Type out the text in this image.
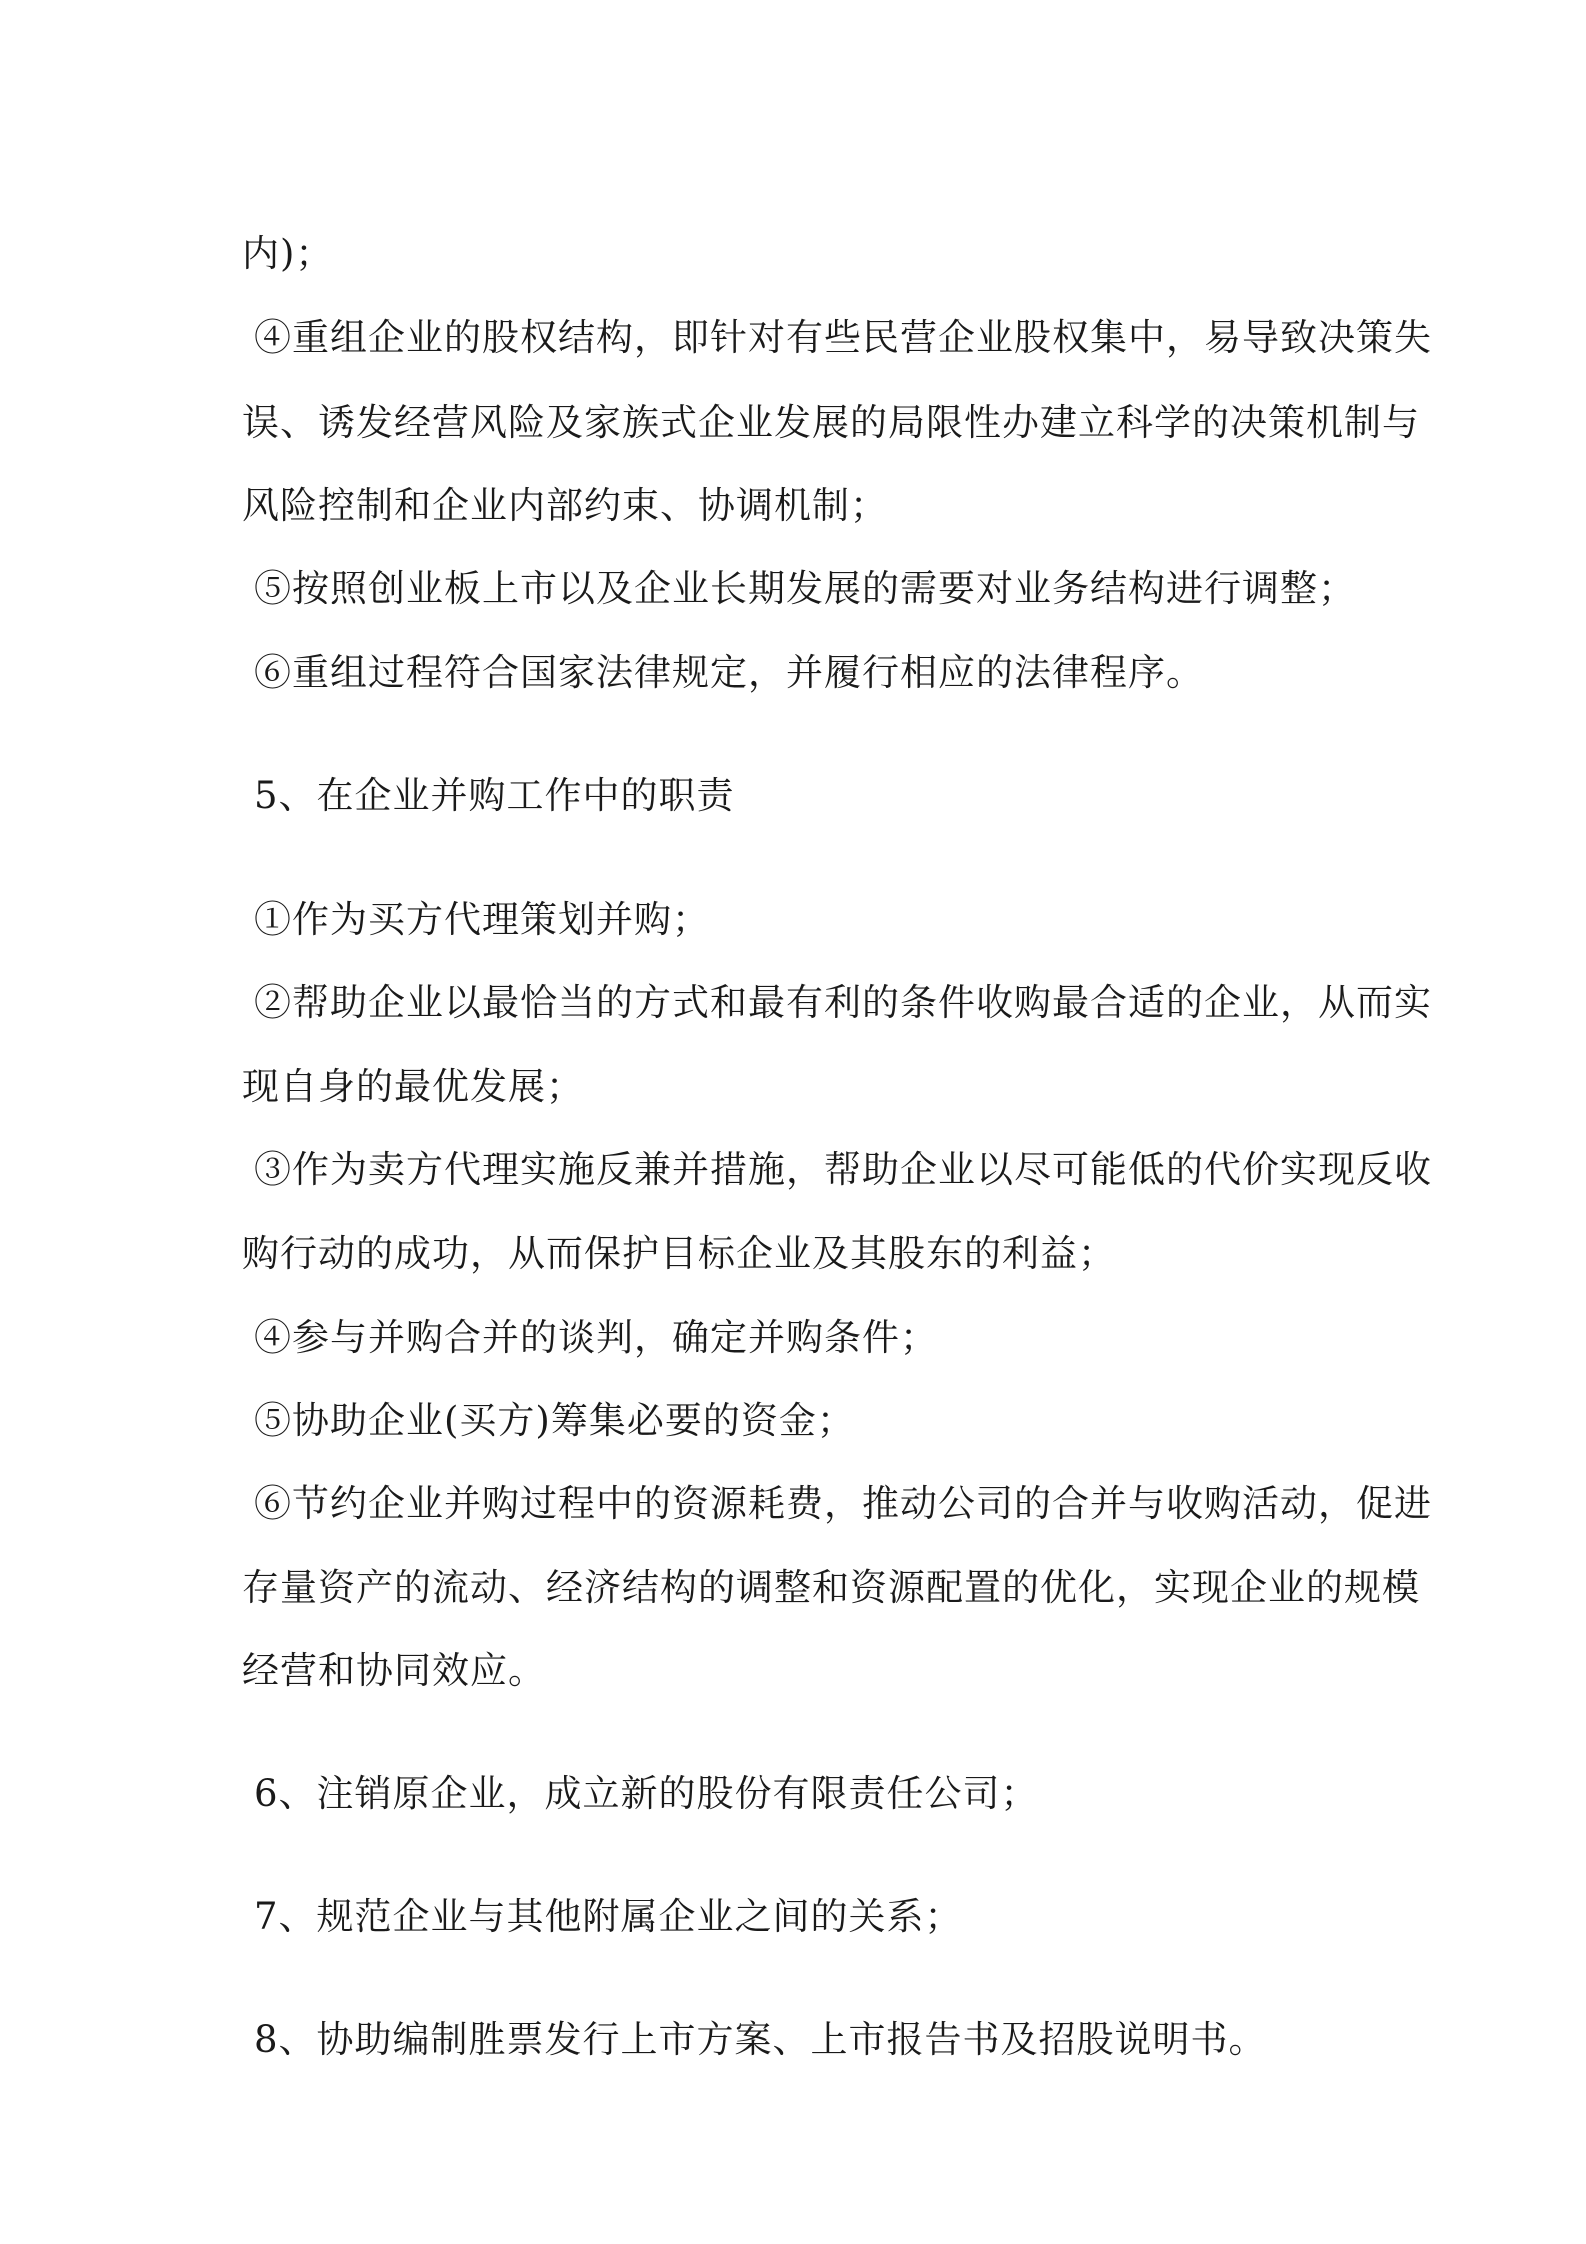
内)；
④重组企业的股权结构，即针对有些民营企业股权集中，易导致决策失
误、诱发经营风险及家族式企业发展的局限性办建立科学的决策机制与
风险控制和企业内部约束、协调机制；
⑤按照创业板上市以及企业长期发展的需要对业务结构进行调整；
⑥重组过程符合国家法律规定，并履行相应的法律程序。
5、在企业并购工作中的职责
①作为买方代理策划并购；
②帮助企业以最恰当的方式和最有利的条件收购最合适的企业，从而实
现自身的最优发展；
③作为卖方代理实施反兼并措施，帮助企业以尽可能低的代价实现反收
购行动的成功，从而保护目标企业及其股东的利益；
④参与并购合并的谈判，确定并购条件；
⑤协助企业(买方)筹集必要的资金；
⑥节约企业并购过程中的资源耗费，推动公司的合并与收购活动，促进
存量资产的流动、经济结构的调整和资源配置的优化，实现企业的规模
经营和协同效应。
6、注销原企业，成立新的股份有限责任公司；
7、规范企业与其他附属企业之间的关系；
8、协助编制胜票发行上市方案、上市报告书及招股说明书。
